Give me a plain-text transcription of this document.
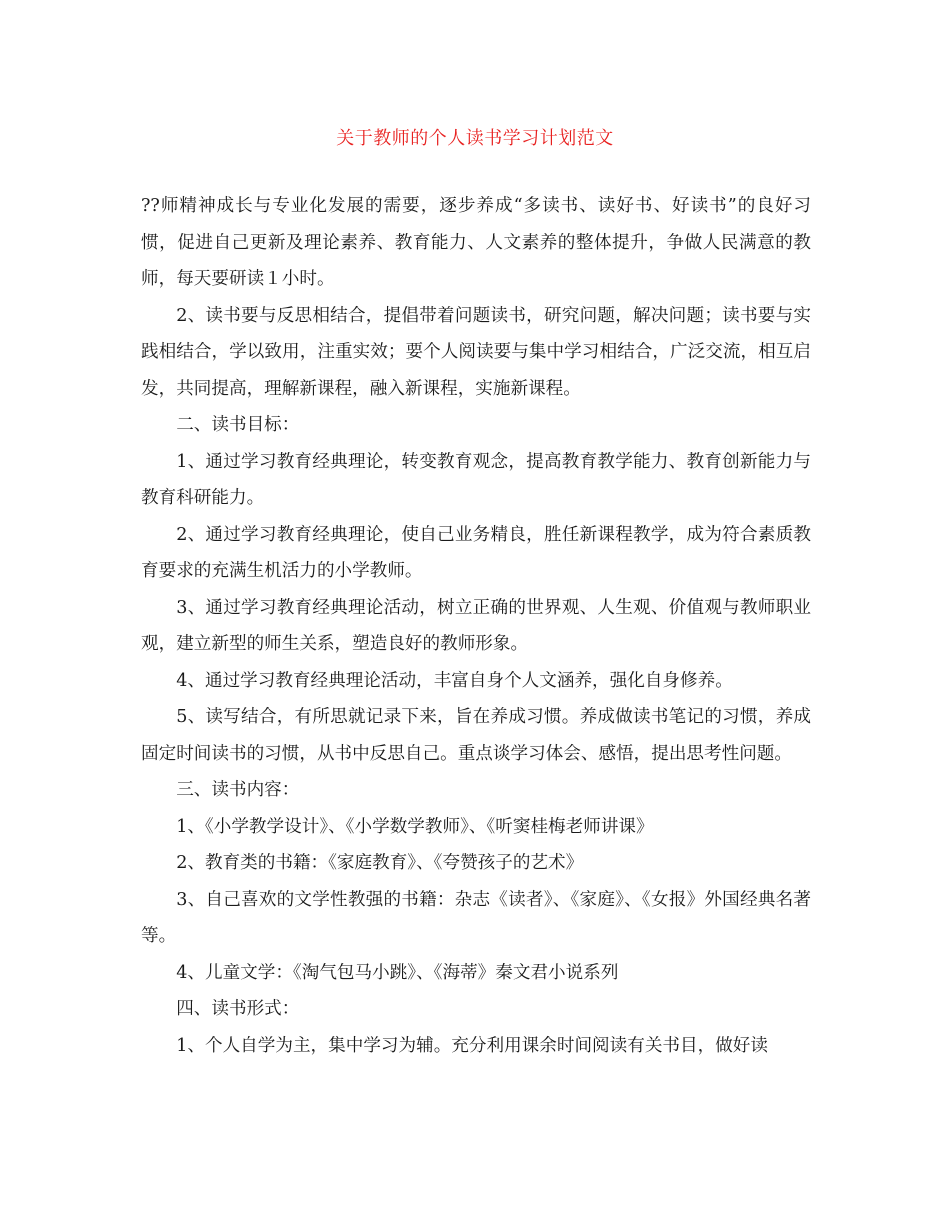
关于教师的个人读书学习计划范文

??师精神成长与专业化发展的需要，逐步养成“多读书、读好书、好读书”的良好习惯，促进自己更新及理论素养、教育能力、人文素养的整体提升，争做人民满意的教师，每天要研读１小时。

2、读书要与反思相结合，提倡带着问题读书，研究问题，解决问题；读书要与实践相结合，学以致用，注重实效；要个人阅读要与集中学习相结合，广泛交流，相互启发，共同提高，理解新课程，融入新课程，实施新课程。

二、读书目标：

1、通过学习教育经典理论，转变教育观念，提高教育教学能力、教育创新能力与教育科研能力。

2、通过学习教育经典理论，使自己业务精良，胜任新课程教学，成为符合素质教育要求的充满生机活力的小学教师。

3、通过学习教育经典理论活动，树立正确的世界观、人生观、价值观与教师职业观，建立新型的师生关系，塑造良好的教师形象。

4、通过学习教育经典理论活动，丰富自身个人文涵养，强化自身修养。

5、读写结合，有所思就记录下来，旨在养成习惯。养成做读书笔记的习惯，养成固定时间读书的习惯，从书中反思自己。重点谈学习体会、感悟，提出思考性问题。

三、读书内容：

1、《小学教学设计》、《小学数学教师》、《听窦桂梅老师讲课》

2、教育类的书籍：《家庭教育》、《夸赞孩子的艺术》

3、自己喜欢的文学性教强的书籍：杂志《读者》、《家庭》、《女报》外国经典名著等。

4、儿童文学：《淘气包马小跳》、《海蒂》秦文君小说系列

四、读书形式：

1、个人自学为主，集中学习为辅。充分利用课余时间阅读有关书目，做好读
